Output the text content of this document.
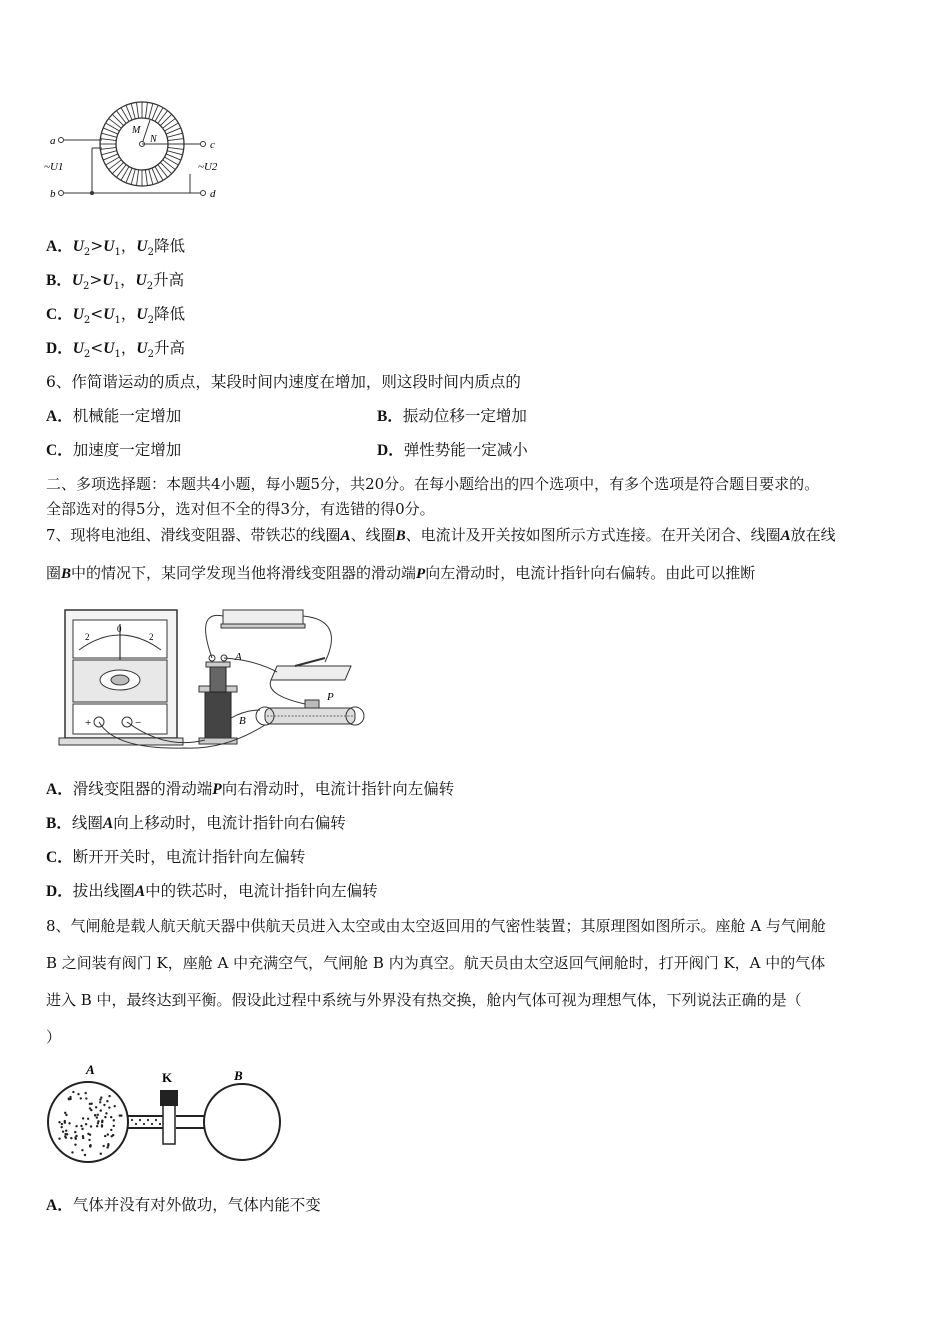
a
~U1
b
c
~U2
d
M
N
A．$U_2>U_1$，$U_2$降低
B．$U_2>U_1$，$U_2$升高
C．$U_2<U_1$，$U_2$降低
D．$U_2<U_1$，$U_2$升高
6、作简谐运动的质点，某段时间内速度在增加，则这段时间内质点的
A．机械能一定增加	B．振动位移一定增加
C．加速度一定增加	D．弹性势能一定减小
二、多项选择题：本题共4小题，每小题5分，共20分。在每小题给出的四个选项中，有多个选项是符合题目要求的。
全部选对的得5分，选对但不全的得3分，有选错的得0分。
7、现将电池组、滑线变阻器、带铁芯的线圈A、线圈B、电流计及开关按如图所示方式连接。在开关闭合、线圈A放在线
圈B中的情况下，某同学发现当他将滑线变阻器的滑动端P向左滑动时，电流计指针向右偏转。由此可以推断
2
0
2
+	−
A
B
P
A．滑线变阻器的滑动端P向右滑动时，电流计指针向左偏转
B．线圈A向上移动时，电流计指针向右偏转
C．断开开关时，电流计指针向左偏转
D．拔出线圈A中的铁芯时，电流计指针向左偏转
8、气闸舱是载人航天航天器中供航天员进入太空或由太空返回用的气密性装置；其原理图如图所示。座舱 A 与气闸舱
B 之间装有阀门 K，座舱 A 中充满空气，气闸舱 B 内为真空。航天员由太空返回气闸舱时，打开阀门 K，A 中的气体
进入 B 中，最终达到平衡。假设此过程中系统与外界没有热交换，舱内气体可视为理想气体，下列说法正确的是（
）
A
K	B
A．气体并没有对外做功，气体内能不变
